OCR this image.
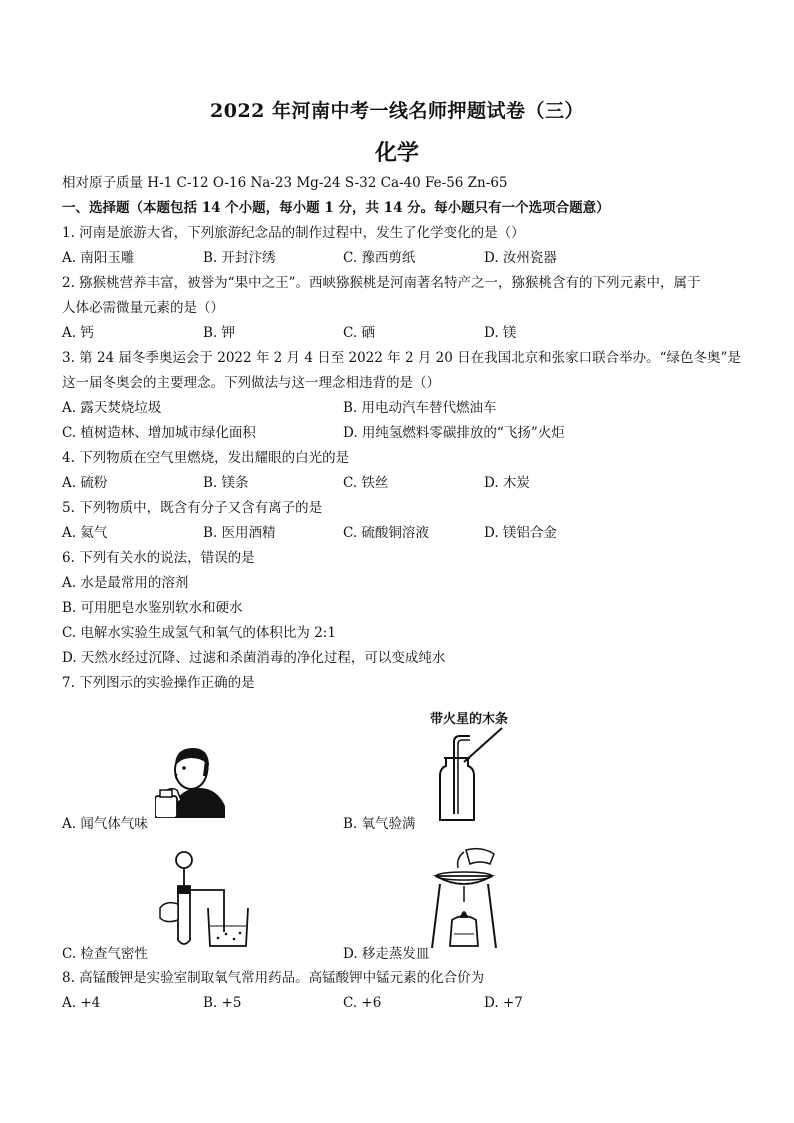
2022 年河南中考一线名师押题试卷（三）
化学
相对原子质量 H-1 C-12 O-16 Na-23 Mg-24 S-32 Ca-40 Fe-56 Zn-65
一、选择题（本题包括 14 个小题，每小题 1 分，共 14 分。每小题只有一个选项合题意）
1. 河南是旅游大省，下列旅游纪念品的制作过程中，发生了化学变化的是（）
A. 南阳玉雕	B. 开封汴绣	C. 豫西剪纸	D. 汝州瓷器
2. 猕猴桃营养丰富，被誉为“果中之王”。西峡猕猴桃是河南著名特产之一，猕猴桃含有的下列元素中，属于
人体必需微量元素的是（）
A. 钙	B. 钾	C. 硒	D. 镁
3. 第 24 届冬季奥运会于 2022 年 2 月 4 日至 2022 年 2 月 20 日在我国北京和张家口联合举办。“绿色冬奥”是
这一届冬奥会的主要理念。下列做法与这一理念相违背的是（）
A. 露天焚烧垃圾	B. 用电动汽车替代燃油车
C. 植树造林、增加城市绿化面积	D. 用纯氢燃料零碳排放的“飞扬”火炬
4. 下列物质在空气里燃烧，发出耀眼的白光的是
A. 硫粉	B. 镁条	C. 铁丝	D. 木炭
5. 下列物质中，既含有分子又含有离子的是
A. 氦气	B. 医用酒精	C. 硫酸铜溶液	D. 镁铝合金
6. 下列有关水的说法，错误的是
A. 水是最常用的溶剂
B. 可用肥皂水鉴别软水和硬水
C. 电解水实验生成氢气和氧气的体积比为 2:1
D. 天然水经过沉降、过滤和杀菌消毒的净化过程，可以变成纯水
7. 下列图示的实验操作正确的是
A. 闻气体气味
带火星的木条
B. 氧气验满
C. 检查气密性	D. 移走蒸发皿
8. 高锰酸钾是实验室制取氧气常用药品。高锰酸钾中锰元素的化合价为
A. +4	B. +5	C. +6	D. +7
